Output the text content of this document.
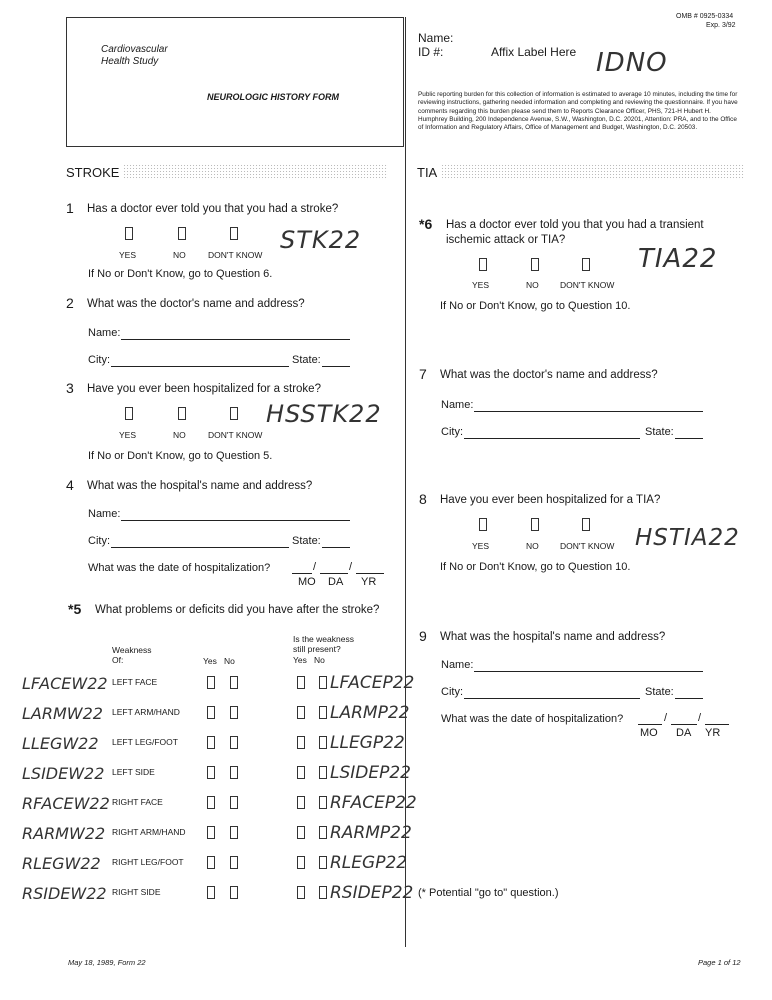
OMB # 0925-0334
Exp. 3/92
Cardiovascular
Health Study
NEUROLOGIC HISTORY FORM
Name:
ID #:	Affix Label Here IDNO
Public reporting burden for this collection of information is estimated to average 10 minutes, including the time for reviewing instructions, gathering needed information and completing and reviewing the questionnaire. If you have comments regarding this burden please send them to Reports Clearance Officer, PHS, 721-H Hubert H. Humphrey Building, 200 Independence Avenue, S.W., Washington, D.C. 20201, Attention: PRA, and to the Office of Information and Regulatory Affairs, Office of Management and Budget, Washington, D.C. 20503.
STROKE	TIA
1 Has a doctor ever told you that you had a stroke?
YES	NO	DON'T KNOW
STK22
If No or Don't Know, go to Question 6.
2 What was the doctor's name and address?
Name:
City:	State:
3 Have you ever been hospitalized for a stroke?
YES	NO	DON'T KNOW
HSSTK22
If No or Don't Know, go to Question 5.
4 What was the hospital's name and address?
Name:
City:	State:
What was the date of hospitalization?	/	/
MO DA YR
*5 What problems or deficits did you have after the stroke?
Weakness
Of:	Yes No
Is the weakness
still present?
Yes No
LFACEW22 LEFT FACE	LFACEP22
LARMW22 LEFT ARM/HAND	LARMP22
LLEGW22 LEFT LEG/FOOT	LLEGP22
LSIDEW22 LEFT SIDE	LSIDEP22
RFACEW22 RIGHT FACE	RFACEP22
RARMW22 RIGHT ARM/HAND	RARMP22
RLEGW22 RIGHT LEG/FOOT	RLEGP22
RSIDEW22 RIGHT SIDE	RSIDEP22 (* Potential "go to" question.)
*6 Has a doctor ever told you that you had a transient
ischemic attack or TIA?
YES	NO	DON'T KNOW
TIA22
If No or Don't Know, go to Question 10.
7 What was the doctor's name and address?
Name:
City:	State:
8 Have you ever been hospitalized for a TIA?
YES	NO	DON'T KNOW HSTIA22
If No or Don't Know, go to Question 10.
9 What was the hospital's name and address?
Name:
City:	State:
What was the date of hospitalization?	/	/
MO DA YR
May 18, 1989, Form 22	Page 1 of 12
